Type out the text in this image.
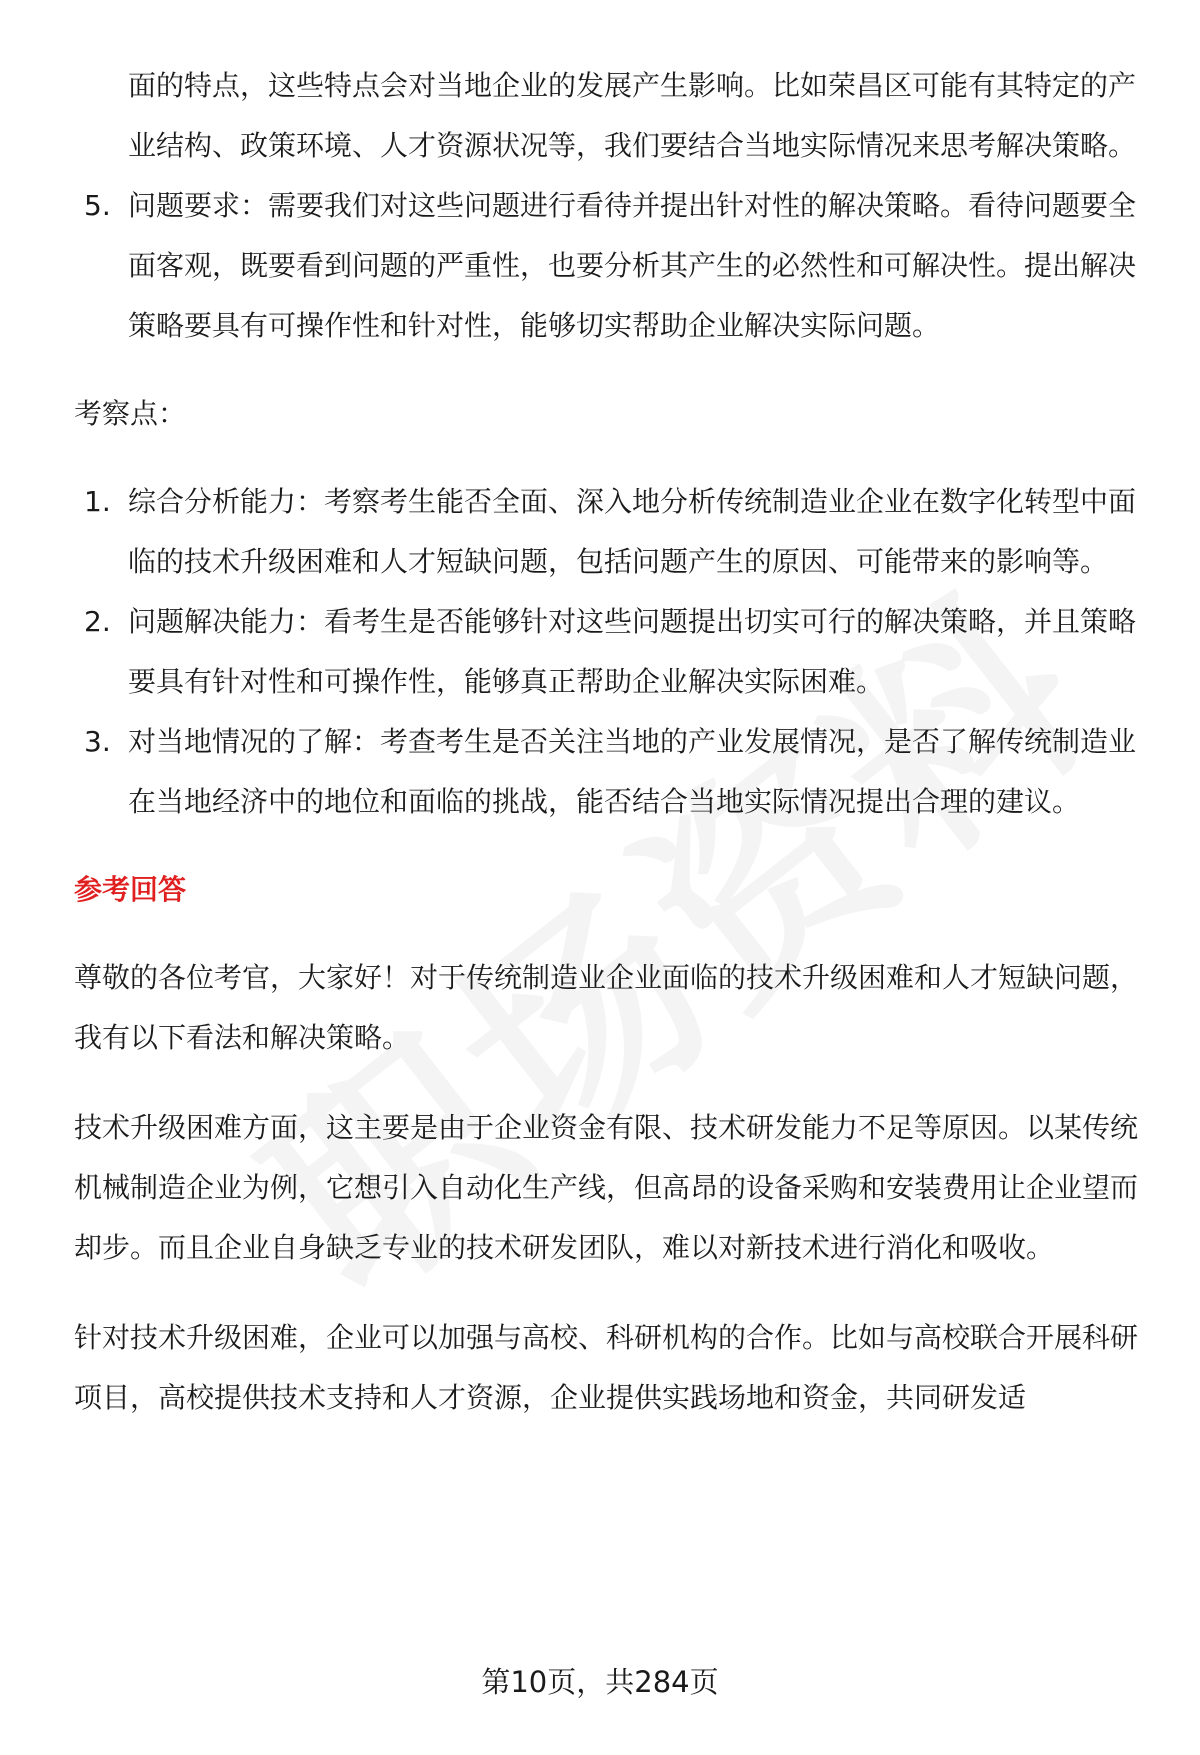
面的特点，这些特点会对当地企业的发展产生影响。比如荣昌区可能有其特定的产业结构、政策环境、人才资源状况等，我们要结合当地实际情况来思考解决策略。

5. 问题要求：需要我们对这些问题进行看待并提出针对性的解决策略。看待问题要全面客观，既要看到问题的严重性，也要分析其产生的必然性和可解决性。提出解决策略要具有可操作性和针对性，能够切实帮助企业解决实际问题。

考察点：

1. 综合分析能力：考察考生能否全面、深入地分析传统制造业企业在数字化转型中面临的技术升级困难和人才短缺问题，包括问题产生的原因、可能带来的影响等。
2. 问题解决能力：看考生是否能够针对这些问题提出切实可行的解决策略，并且策略要具有针对性和可操作性，能够真正帮助企业解决实际困难。
3. 对当地情况的了解：考查考生是否关注当地的产业发展情况，是否了解传统制造业在当地经济中的地位和面临的挑战，能否结合当地实际情况提出合理的建议。

参考回答

尊敬的各位考官，大家好！对于传统制造业企业面临的技术升级困难和人才短缺问题，我有以下看法和解决策略。

技术升级困难方面，这主要是由于企业资金有限、技术研发能力不足等原因。以某传统机械制造企业为例，它想引入自动化生产线，但高昂的设备采购和安装费用让企业望而却步。而且企业自身缺乏专业的技术研发团队，难以对新技术进行消化和吸收。

针对技术升级困难，企业可以加强与高校、科研机构的合作。比如与高校联合开展科研项目，高校提供技术支持和人才资源，企业提供实践场地和资金，共同研发适

第10页，共284页
